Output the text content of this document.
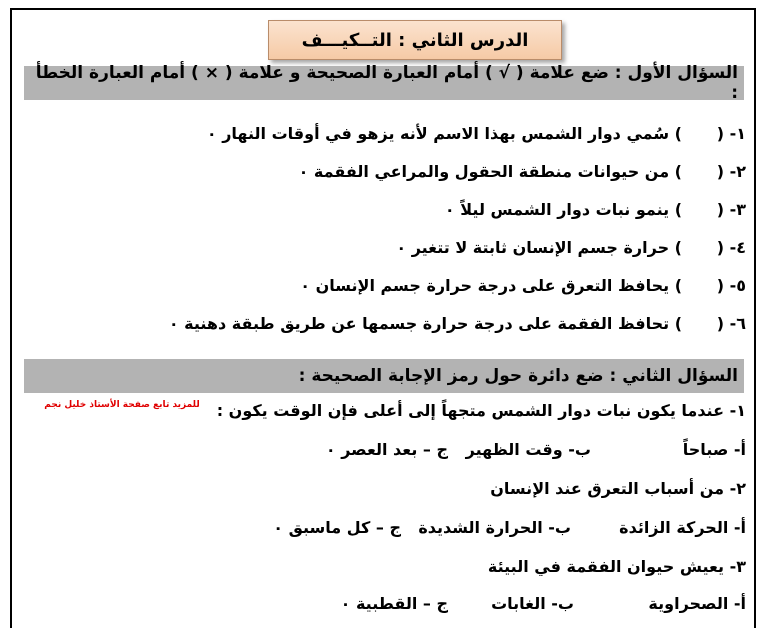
الدرس الثاني : التــكيـــف
السؤال الأول : ضع علامة ( √ ) أمام العبارة الصحيحة و علامة ( × ) أمام العبارة الخطأ :
١- () سُمي دوار الشمس بهذا الاسم لأنه يزهو في أوقات النهار ٠
٢- () من حيوانات منطقة الحقول والمراعي الفقمة ٠
٣- () ينمو نبات دوار الشمس ليلاً ٠
٤- () حرارة جسم الإنسان ثابتة لا تتغير ٠
٥- () يحافظ التعرق على درجة حرارة جسم الإنسان ٠
٦- () تحافظ الفقمة على درجة حرارة جسمها عن طريق طبقة دهنية ٠
السؤال الثاني : ضع دائرة حول رمز الإجابة الصحيحة :
للمزيد تابع صفحة الأستاذ خليل نجم	١- عندما يكون نبات دوار الشمس متجهاً إلى أعلى فإن الوقت يكون :
أ- صباحاً
ب- وقت الظهير
ج – بعد العصر ٠
٢- من أسباب التعرق عند الإنسان
أ- الحركة الزائدة
ب- الحرارة الشديدة
ج – كل ماسبق ٠
٣- يعيش حيوان الفقمة في البيئة
أ- الصحراوية
ب- الغابات
ج – القطبية ٠
